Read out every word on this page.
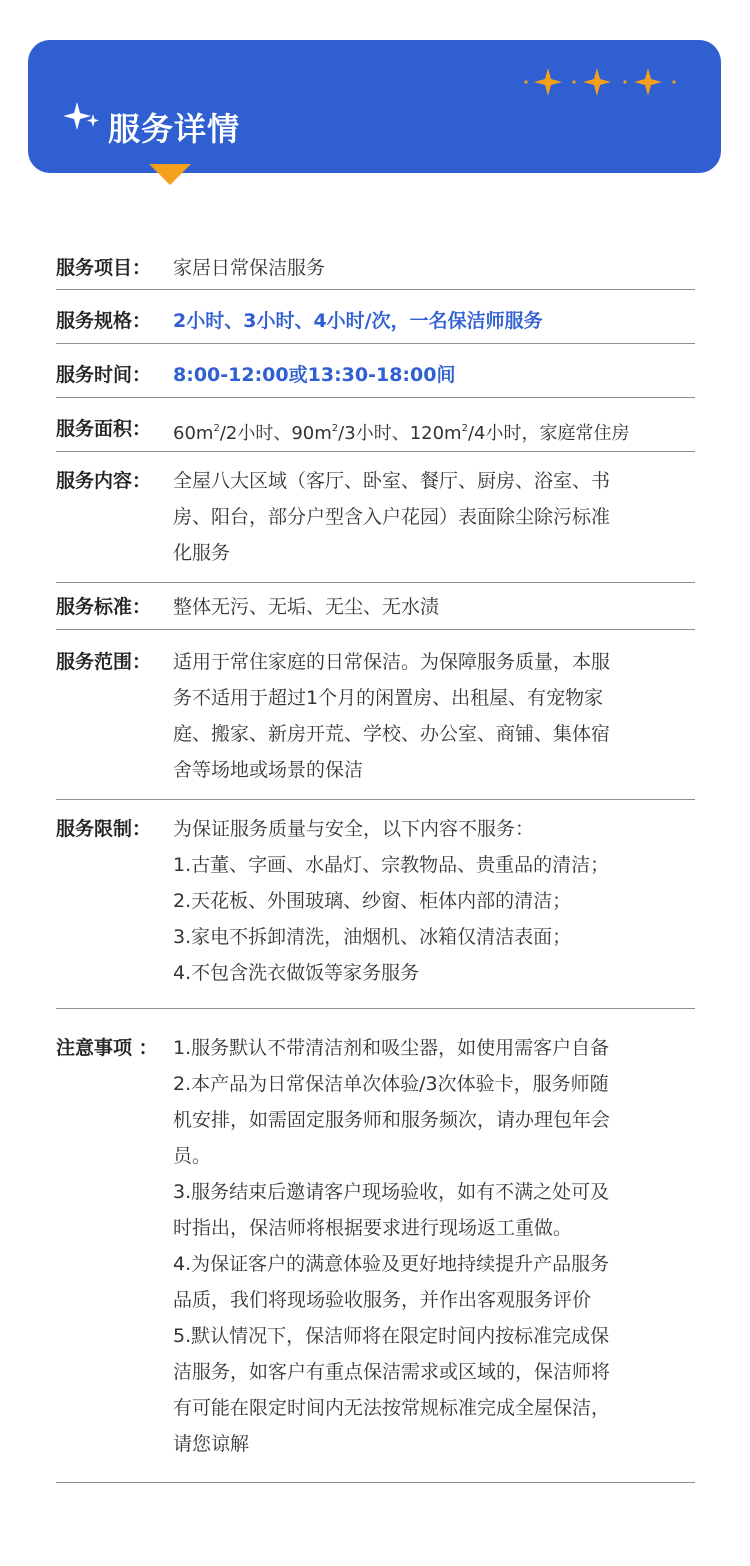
服务详情
服务项目： 家居日常保洁服务
服务规格： 2小时、3小时、4小时/次，一名保洁师服务
服务时间： 8:00-12:00或13:30-18:00间
服务面积： $60m^2/2$小时、$90m^2/3$小时、$120m^2/4$小时，家庭常住房
服务内容： 全屋八大区域（客厅、卧室、餐厅、厨房、浴室、书
房、阳台，部分户型含入户花园）表面除尘除污标准
化服务
服务标准： 整体无污、无垢、无尘、无水渍
服务范围： 适用于常住家庭的日常保洁。为保障服务质量，本服
务不适用于超过1个月的闲置房、出租屋、有宠物家
庭、搬家、新房开荒、学校、办公室、商铺、集体宿
舍等场地或场景的保洁
服务限制： 为保证服务质量与安全，以下内容不服务：
1.古董、字画、水晶灯、宗教物品、贵重品的清洁；
2.天花板、外围玻璃、纱窗、柜体内部的清洁；
3.家电不拆卸清洗，油烟机、冰箱仅清洁表面；
4.不包含洗衣做饭等家务服务
注意事项 ： 1.服务默认不带清洁剂和吸尘器，如使用需客户自备
2.本产品为日常保洁单次体验/3次体验卡，服务师随
机安排，如需固定服务师和服务频次，请办理包年会
员。
3.服务结束后邀请客户现场验收，如有不满之处可及
时指出，保洁师将根据要求进行现场返工重做。
4.为保证客户的满意体验及更好地持续提升产品服务
品质，我们将现场验收服务，并作出客观服务评价
5.默认情况下，保洁师将在限定时间内按标准完成保
洁服务，如客户有重点保洁需求或区域的，保洁师将
有可能在限定时间内无法按常规标准完成全屋保洁，
请您谅解
